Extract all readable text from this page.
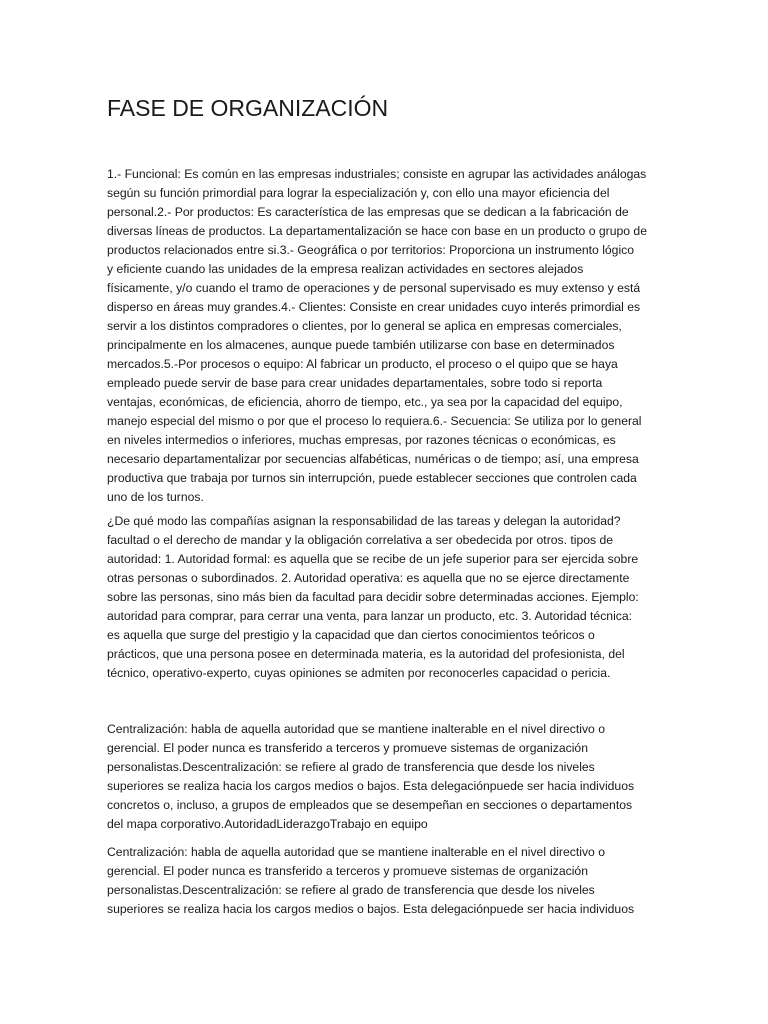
FASE DE ORGANIZACIÓN
1.- Funcional: Es común en las empresas industriales; consiste en agrupar las actividades análogas
según su función primordial para lograr la especialización y, con ello una mayor eficiencia del
personal.2.- Por productos: Es característica de las empresas que se dedican a la fabricación de
diversas líneas de productos. La departamentalización se hace con base en un producto o grupo de
productos relacionados entre si.3.- Geográfica o por territorios: Proporciona un instrumento lógico
y eficiente cuando las unidades de la empresa realizan actividades en sectores alejados
físicamente, y/o cuando el tramo de operaciones y de personal supervisado es muy extenso y está
disperso en áreas muy grandes.4.- Clientes: Consiste en crear unidades cuyo interés primordial es
servir a los distintos compradores o clientes, por lo general se aplica en empresas comerciales,
principalmente en los almacenes, aunque puede también utilizarse con base en determinados
mercados.5.-Por procesos o equipo: Al fabricar un producto, el proceso o el quipo que se haya
empleado puede servir de base para crear unidades departamentales, sobre todo si reporta
ventajas, económicas, de eficiencia, ahorro de tiempo, etc., ya sea por la capacidad del equipo,
manejo especial del mismo o por que el proceso lo requiera.6.- Secuencia: Se utiliza por lo general
en niveles intermedios o inferiores, muchas empresas, por razones técnicas o económicas, es
necesario departamentalizar por secuencias alfabéticas, numéricas o de tiempo; así, una empresa
productiva que trabaja por turnos sin interrupción, puede establecer secciones que controlen cada
uno de los turnos.
¿De qué modo las compañías asignan la responsabilidad de las tareas y delegan la autoridad?
facultad o el derecho de mandar y la obligación correlativa a ser obedecida por otros. tipos de
autoridad: 1. Autoridad formal: es aquella que se recibe de un jefe superior para ser ejercida sobre
otras personas o subordinados. 2. Autoridad operativa: es aquella que no se ejerce directamente
sobre las personas, sino más bien da facultad para decidir sobre determinadas acciones. Ejemplo:
autoridad para comprar, para cerrar una venta, para lanzar un producto, etc. 3. Autoridad técnica:
es aquella que surge del prestigio y la capacidad que dan ciertos conocimientos teóricos o
prácticos, que una persona posee en determinada materia, es la autoridad del profesionista, del
técnico, operativo-experto, cuyas opiniones se admiten por reconocerles capacidad o pericia.
Centralización: habla de aquella autoridad que se mantiene inalterable en el nivel directivo o
gerencial. El poder nunca es transferido a terceros y promueve sistemas de organización
personalistas.Descentralización: se refiere al grado de transferencia que desde los niveles
superiores se realiza hacia los cargos medios o bajos. Esta delegaciónpuede ser hacia individuos
concretos o, incluso, a grupos de empleados que se desempeñan en secciones o departamentos
del mapa corporativo.AutoridadLiderazgoTrabajo en equipo
Centralización: habla de aquella autoridad que se mantiene inalterable en el nivel directivo o
gerencial. El poder nunca es transferido a terceros y promueve sistemas de organización
personalistas.Descentralización: se refiere al grado de transferencia que desde los niveles
superiores se realiza hacia los cargos medios o bajos. Esta delegaciónpuede ser hacia individuos
